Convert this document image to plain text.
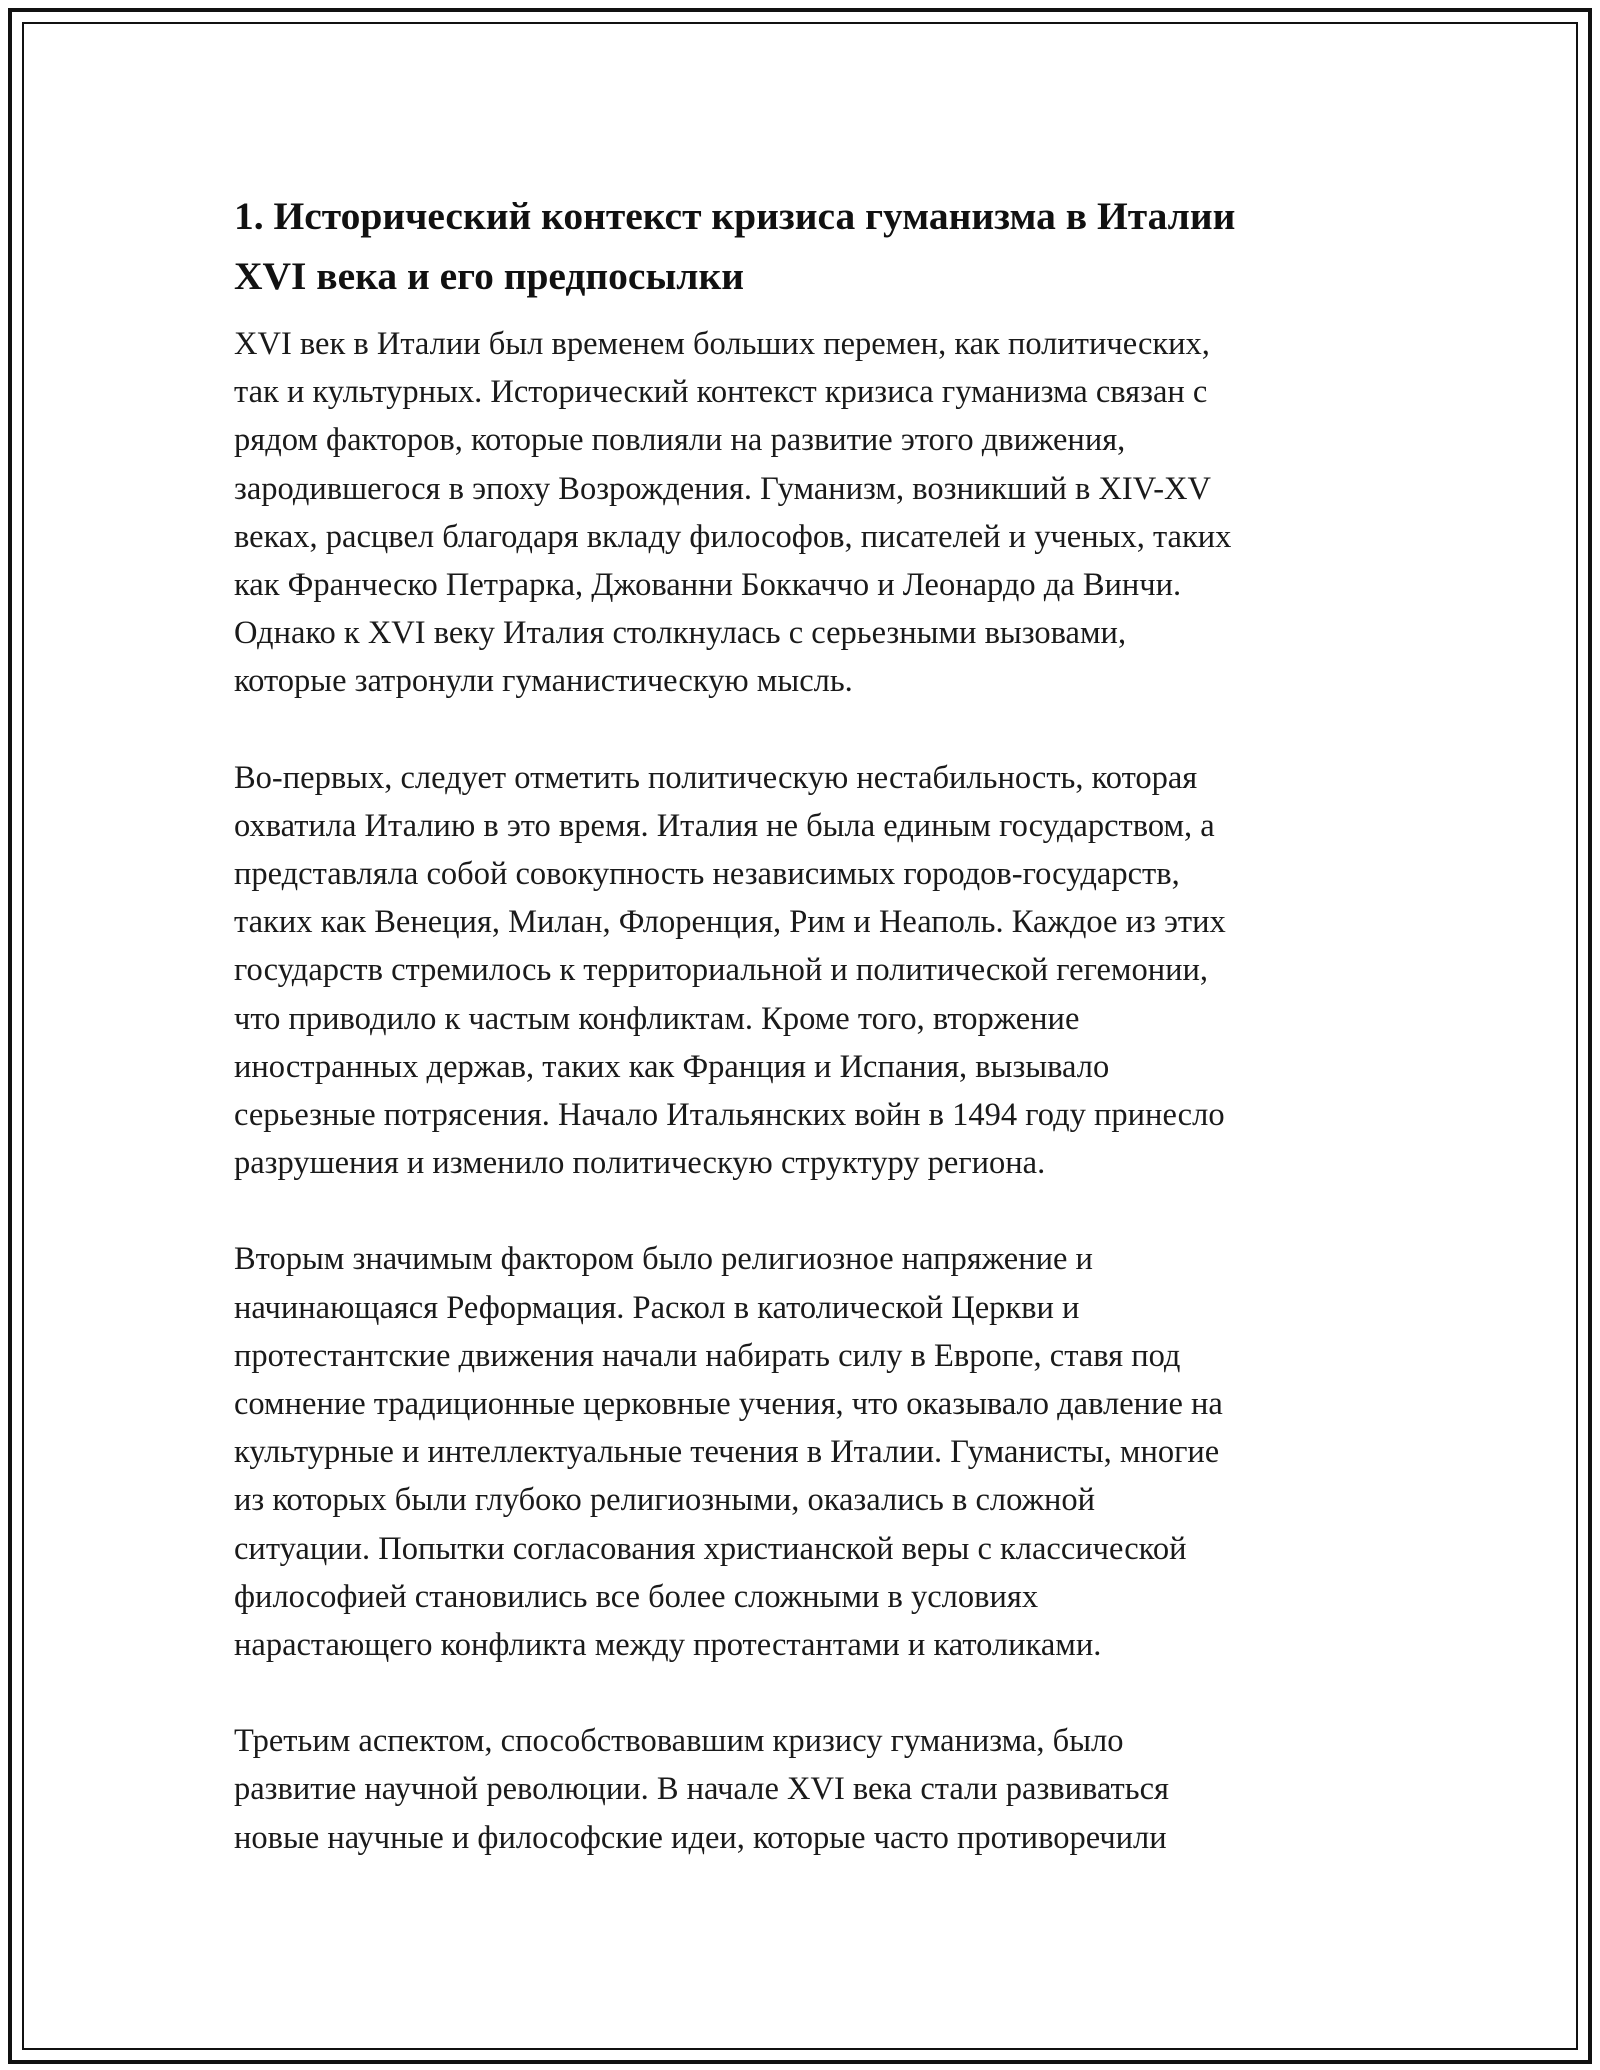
1. Исторический контекст кризиса гуманизма в Италии
XVI века и его предпосылки

XVI век в Италии был временем больших перемен, как политических,
так и культурных. Исторический контекст кризиса гуманизма связан с
рядом факторов, которые повлияли на развитие этого движения,
зародившегося в эпоху Возрождения. Гуманизм, возникший в XIV-XV
веках, расцвел благодаря вкладу философов, писателей и ученых, таких
как Франческо Петрарка, Джованни Боккаччо и Леонардо да Винчи.
Однако к XVI веку Италия столкнулась с серьезными вызовами,
которые затронули гуманистическую мысль.

Во-первых, следует отметить политическую нестабильность, которая
охватила Италию в это время. Италия не была единым государством, а
представляла собой совокупность независимых городов-государств,
таких как Венеция, Милан, Флоренция, Рим и Неаполь. Каждое из этих
государств стремилось к территориальной и политической гегемонии,
что приводило к частым конфликтам. Кроме того, вторжение
иностранных держав, таких как Франция и Испания, вызывало
серьезные потрясения. Начало Итальянских войн в 1494 году принесло
разрушения и изменило политическую структуру региона.

Вторым значимым фактором было религиозное напряжение и
начинающаяся Реформация. Раскол в католической Церкви и
протестантские движения начали набирать силу в Европе, ставя под
сомнение традиционные церковные учения, что оказывало давление на
культурные и интеллектуальные течения в Италии. Гуманисты, многие
из которых были глубоко религиозными, оказались в сложной
ситуации. Попытки согласования христианской веры с классической
философией становились все более сложными в условиях
нарастающего конфликта между протестантами и католиками.

Третьим аспектом, способствовавшим кризису гуманизма, было
развитие научной революции. В начале XVI века стали развиваться
новые научные и философские идеи, которые часто противоречили
